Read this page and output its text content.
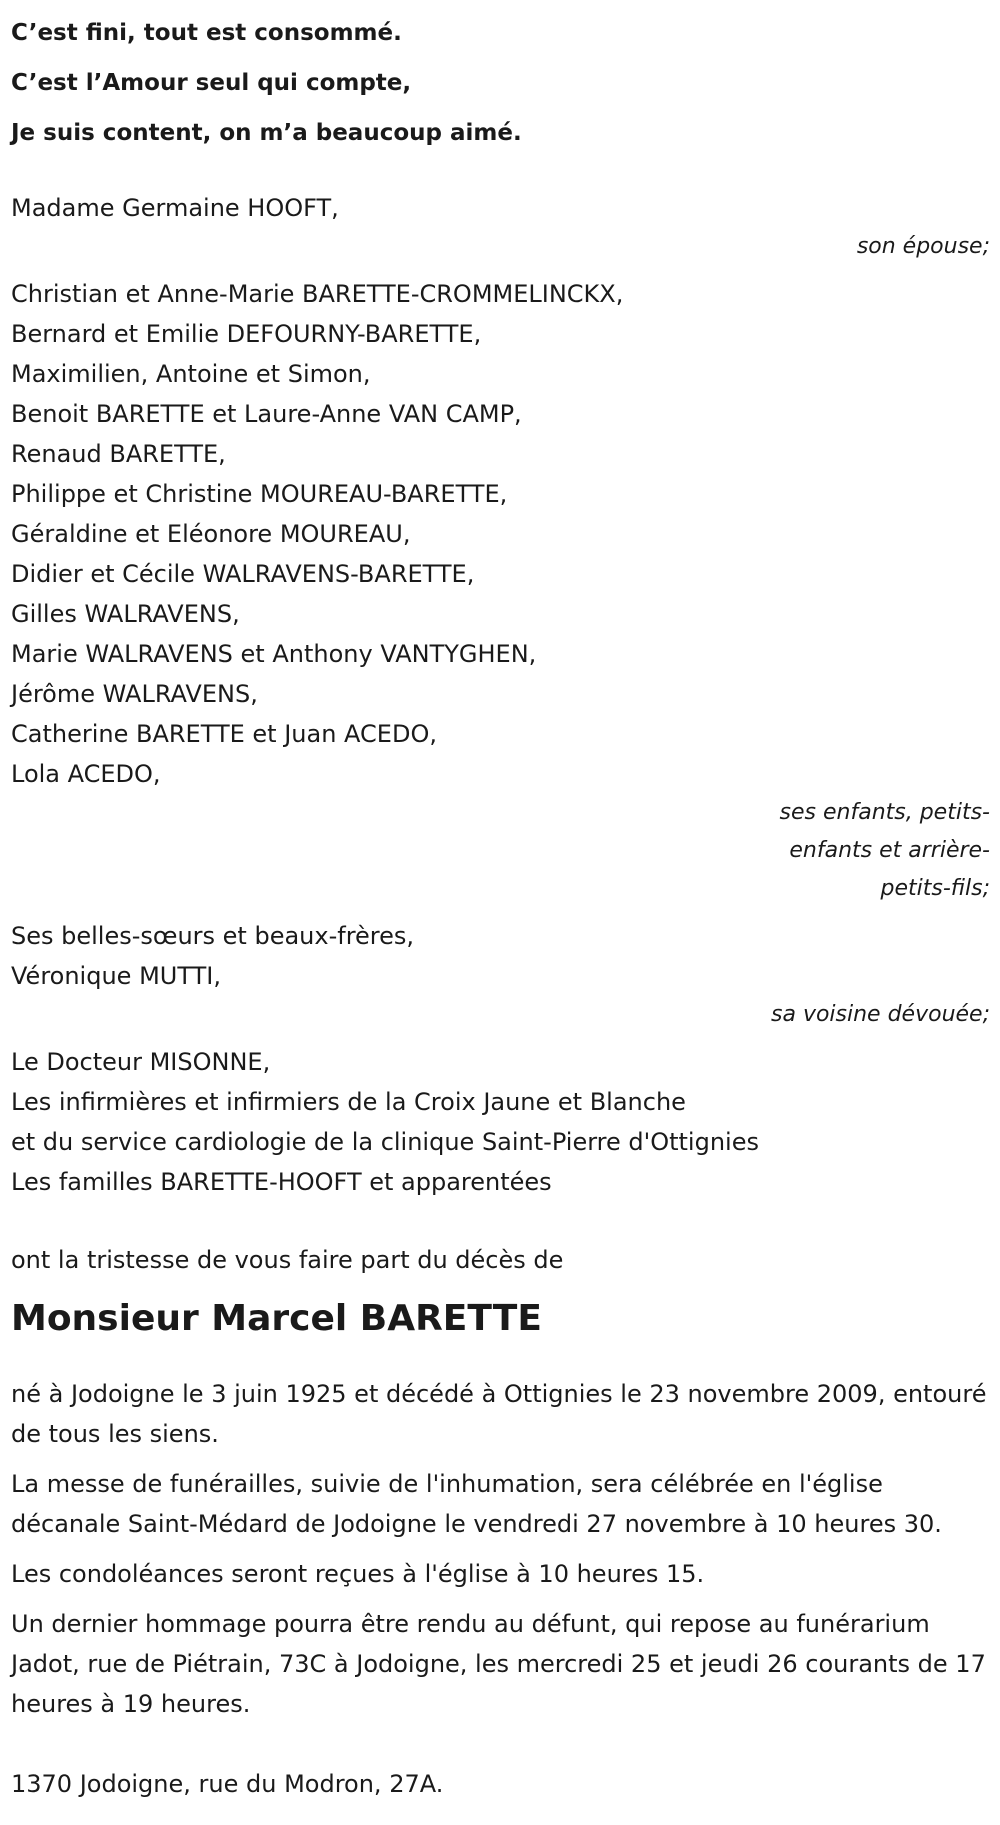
C’est fini, tout est consommé.

C’est l’Amour seul qui compte,

Je suis content, on m’a beaucoup aimé.

Madame Germaine HOOFT,

son épouse;

Christian et Anne-Marie BARETTE-CROMMELINCKX,

Bernard et Emilie DEFOURNY-BARETTE,

Maximilien, Antoine et Simon,

Benoit BARETTE et Laure-Anne VAN CAMP,

Renaud BARETTE,

Philippe et Christine MOUREAU-BARETTE,

Géraldine et Eléonore MOUREAU,

Didier et Cécile WALRAVENS-BARETTE,

Gilles WALRAVENS,

Marie WALRAVENS et Anthony VANTYGHEN,

Jérôme WALRAVENS,

Catherine BARETTE et Juan ACEDO,

Lola ACEDO,

ses enfants, petits-

enfants et arrière-

petits-fils;

Ses belles-sœurs et beaux-frères,

Véronique MUTTI,

sa voisine dévouée;

Le Docteur MISONNE,

Les infirmières et infirmiers de la Croix Jaune et Blanche

et du service cardiologie de la clinique Saint-Pierre d'Ottignies

Les familles BARETTE-HOOFT et apparentées

ont la tristesse de vous faire part du décès de

Monsieur Marcel BARETTE

né à Jodoigne le 3 juin 1925 et décédé à Ottignies le 23 novembre 2009, entouré de tous les siens.

La messe de funérailles, suivie de l'inhumation, sera célébrée en l'église décanale Saint-Médard de Jodoigne le vendredi 27 novembre à 10 heures 30.

Les condoléances seront reçues à l'église à 10 heures 15.

Un dernier hommage pourra être rendu au défunt, qui repose au funérarium Jadot, rue de Piétrain, 73C à Jodoigne, les mercredi 25 et jeudi 26 courants de 17 heures à 19 heures.

1370 Jodoigne, rue du Modron, 27A.
